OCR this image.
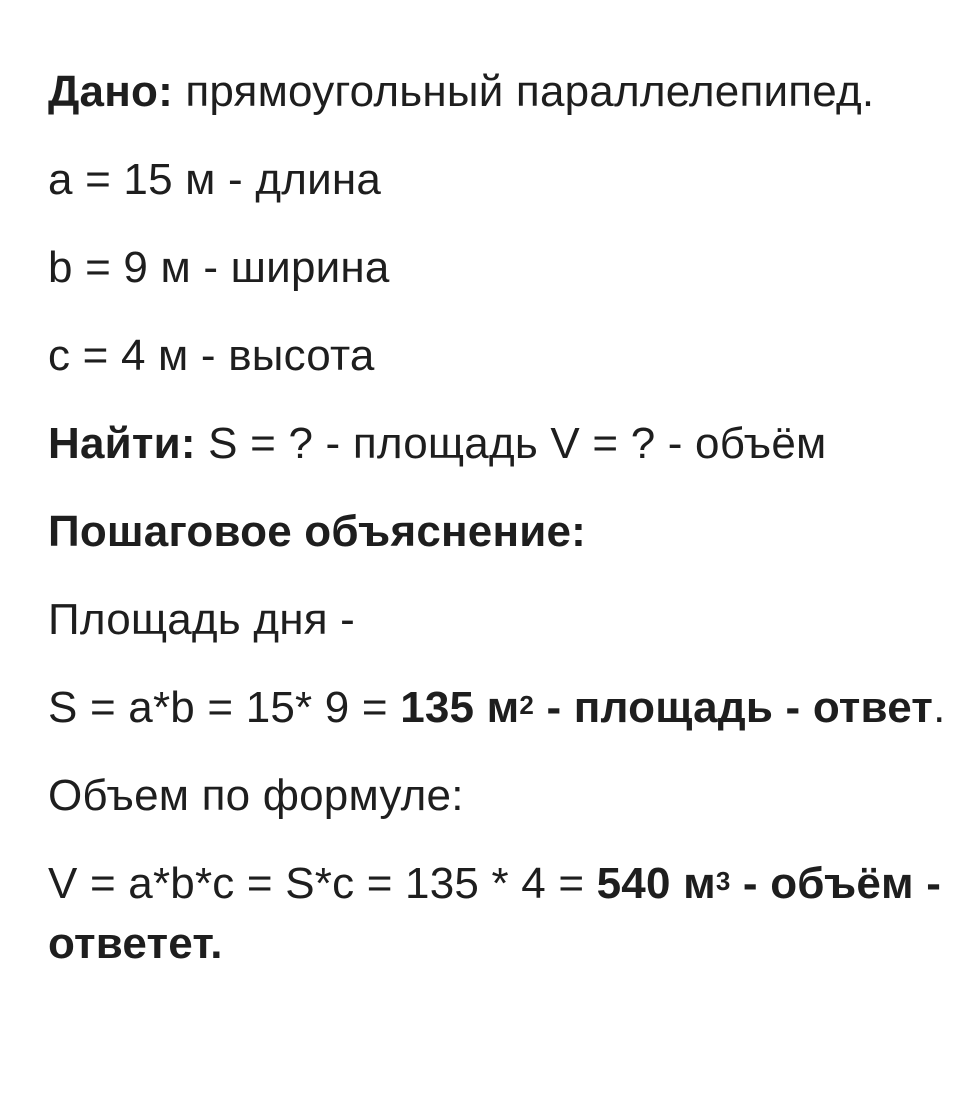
Дано: прямоугольный параллелепипед.

a = 15 м - длина

b = 9 м - ширина

c = 4 м - высота

Найти: S = ? - площадь V = ? - объём

Пошаговое объяснение:

Площадь дня -

S = a*b = 15* 9 = 135 $м^2$ - площадь - ответ.

Объем по формуле:

V = a*b*c = S*c = 135 * 4 = 540 $м^3$ - объём - ответет.
